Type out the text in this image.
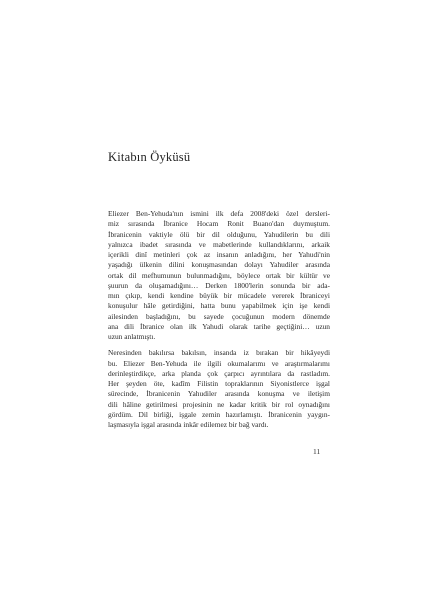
Kitabın Öyküsü
Eliezer Ben-Yehuda'nın ismini ilk defa 2008'deki özel dersleri-
miz sırasında İbranice Hocam Ronit Buano'dan duymuştum.
İbranicenin vaktiyle ölü bir dil olduğunu, Yahudilerin bu dili
yalnızca ibadet sırasında ve mabetlerinde kullandıklarını, arkaik
içerikli dinî metinleri çok az insanın anladığını, her Yahudi'nin
yaşadığı ülkenin dilini konuşmasından dolayı Yahudiler arasında
ortak dil mefhumunun bulunmadığını, böylece ortak bir kültür ve
şuurun da oluşamadığını… Derken 1800'lerin sonunda bir ada-
mın çıkıp, kendi kendine büyük bir mücadele vererek İbraniceyi
konuşulur hâle getirdiğini, hatta bunu yapabilmek için işe kendi
ailesinden başladığını, bu sayede çocuğunun modern dönemde
ana dili İbranice olan ilk Yahudi olarak tarihe geçtiğini… uzun
uzun anlatmıştı.
Neresinden bakılırsa bakılsın, insanda iz bırakan bir hikâyeydi
bu. Eliezer Ben-Yehuda ile ilgili okumalarımı ve araştırmalarımı
derinleştirdikçe, arka planda çok çarpıcı ayrıntılara da rastladım.
Her şeyden öte, kadîm Filistin topraklarının Siyonistlerce işgal
sürecinde, İbranicenin Yahudiler arasında konuşma ve iletişim
dili hâline getirilmesi projesinin ne kadar kritik bir rol oynadığını
gördüm. Dil birliği, işgale zemin hazırlamıştı. İbranicenin yaygın-
laşmasıyla işgal arasında inkâr edilemez bir bağ vardı.
11
